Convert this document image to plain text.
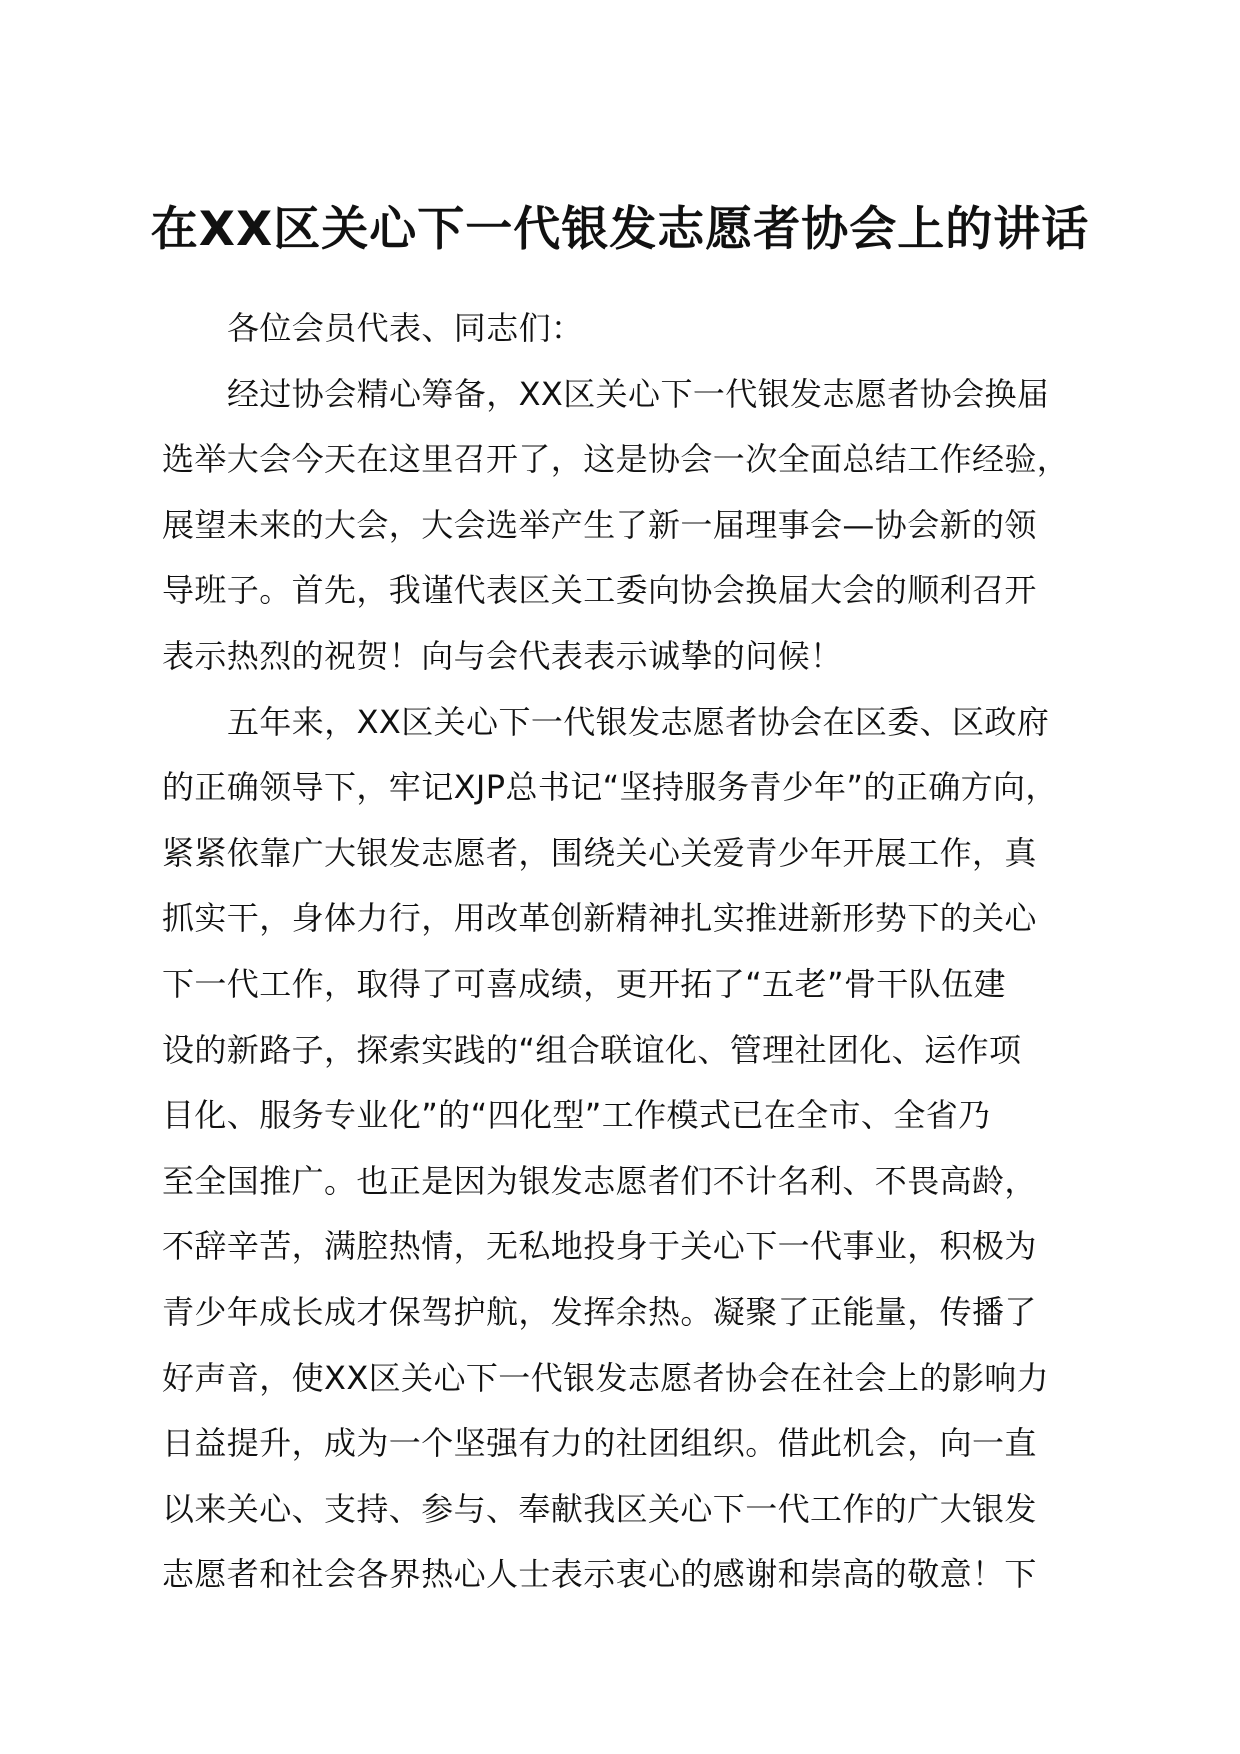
在XX区关心下一代银发志愿者协会上的讲话
各位会员代表、同志们：
经过协会精心筹备，XX区关心下一代银发志愿者协会换届
选举大会今天在这里召开了，这是协会一次全面总结工作经验，
展望未来的大会，大会选举产生了新一届理事会—协会新的领
导班子。首先，我谨代表区关工委向协会换届大会的顺利召开
表示热烈的祝贺！向与会代表表示诚挚的问候！
五年来，XX区关心下一代银发志愿者协会在区委、区政府
的正确领导下，牢记XJP总书记“坚持服务青少年”的正确方向，
紧紧依靠广大银发志愿者，围绕关心关爱青少年开展工作，真
抓实干，身体力行，用改革创新精神扎实推进新形势下的关心
下一代工作，取得了可喜成绩，更开拓了“五老”骨干队伍建
设的新路子，探索实践的“组合联谊化、管理社团化、运作项
目化、服务专业化”的“四化型”工作模式已在全市、全省乃
至全国推广。也正是因为银发志愿者们不计名利、不畏高龄，
不辞辛苦，满腔热情，无私地投身于关心下一代事业，积极为
青少年成长成才保驾护航，发挥余热。凝聚了正能量，传播了
好声音，使XX区关心下一代银发志愿者协会在社会上的影响力
日益提升，成为一个坚强有力的社团组织。借此机会，向一直
以来关心、支持、参与、奉献我区关心下一代工作的广大银发
志愿者和社会各界热心人士表示衷心的感谢和崇高的敬意！下
